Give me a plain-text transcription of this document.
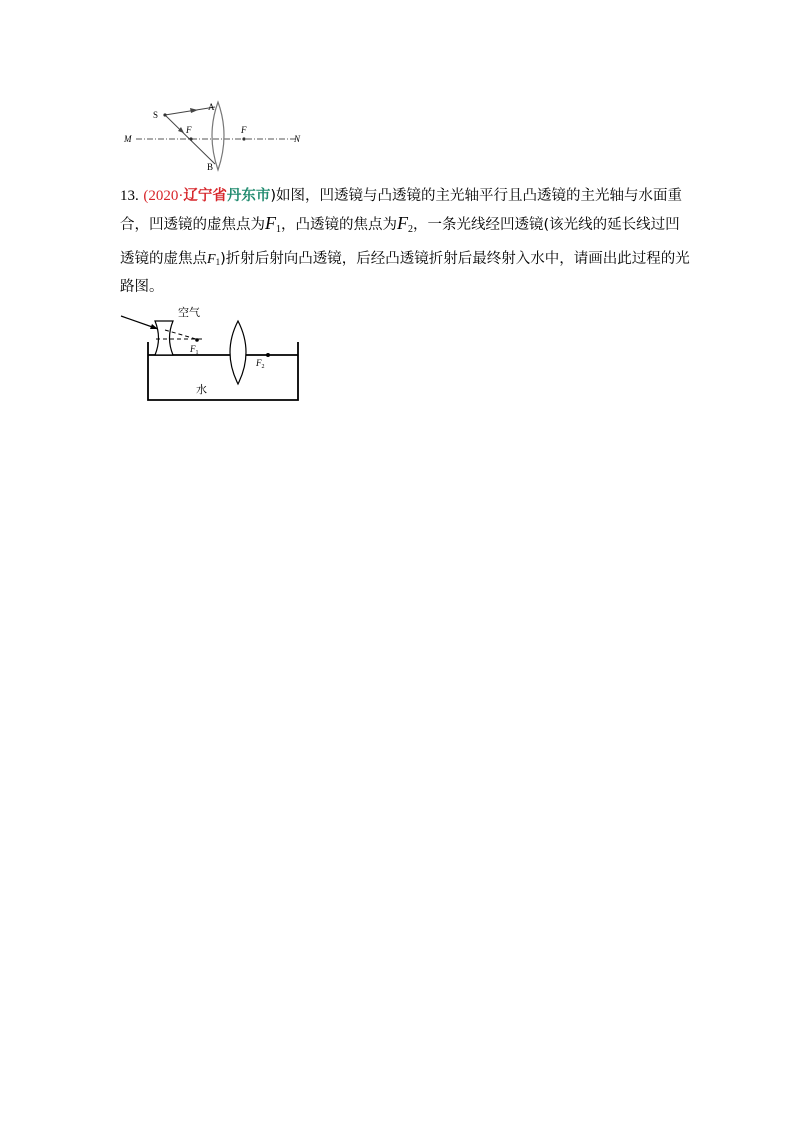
S
A
B
M	N
F	F
13. (2020·辽宁省丹东市)如图，凹透镜与凸透镜的主光轴平行且凸透镜的主光轴与水面重
合，凹透镜的虚焦点为$F_1$，凸透镜的焦点为$F_2$，一条光线经凹透镜(该光线的延长线过凹
透镜的虚焦点F1)折射后射向凸透镜，后经凸透镜折射后最终射入水中，请画出此过程的光
路图。
空气
水
$F_1$
$F_2$
